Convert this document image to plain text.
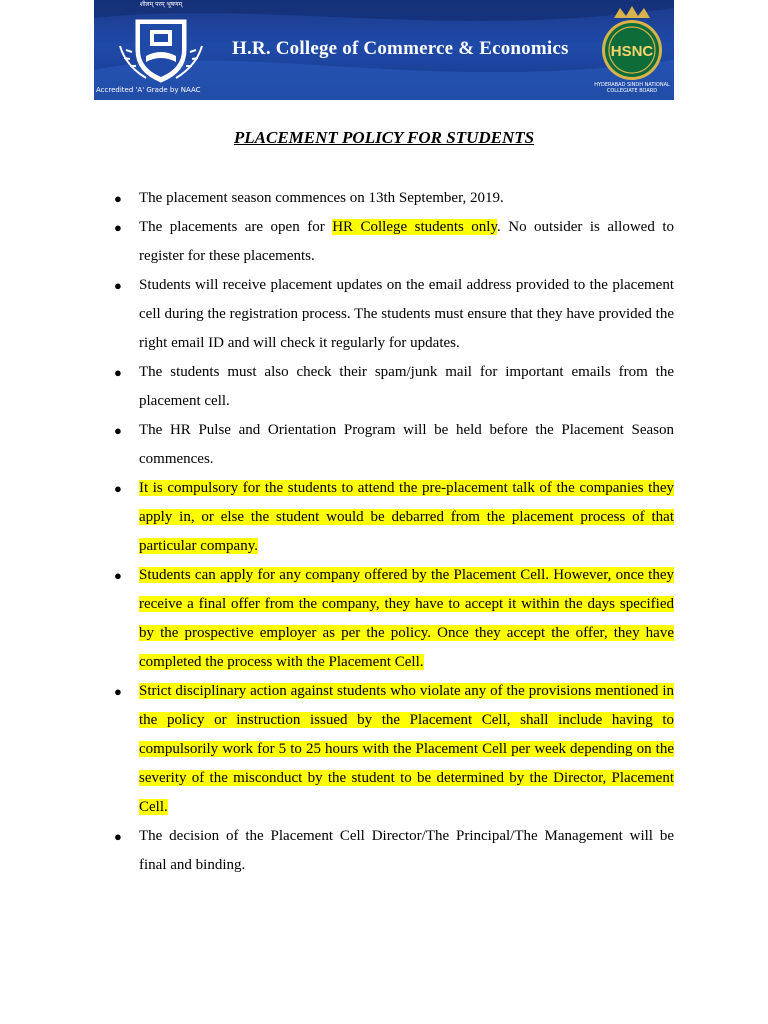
शीलम् परम् भूषणम्
H.R. College of Commerce & Economics
Accredited 'A' Grade by NAAC
HSNC
HYDERABAD SINDH NATIONAL COLLEGIATE BOARD
PLACEMENT POLICY FOR STUDENTS
● The placement season commences on 13th September, 2019.
● The placements are open for HR College students only. No outsider is allowed to register for these placements.
● Students will receive placement updates on the email address provided to the placement cell during the registration process. The students must ensure that they have provided the right email ID and will check it regularly for updates.
● The students must also check their spam/junk mail for important emails from the placement cell.
● The HR Pulse and Orientation Program will be held before the Placement Season commences.
● It is compulsory for the students to attend the pre-placement talk of the companies they apply in, or else the student would be debarred from the placement process of that particular company.
● Students can apply for any company offered by the Placement Cell. However, once they receive a final offer from the company, they have to accept it within the days specified by the prospective employer as per the policy. Once they accept the offer, they have completed the process with the Placement Cell.
● Strict disciplinary action against students who violate any of the provisions mentioned in the policy or instruction issued by the Placement Cell, shall include having to compulsorily work for 5 to 25 hours with the Placement Cell per week depending on the severity of the misconduct by the student to be determined by the Director, Placement Cell.
● The decision of the Placement Cell Director/The Principal/The Management will be final and binding.
